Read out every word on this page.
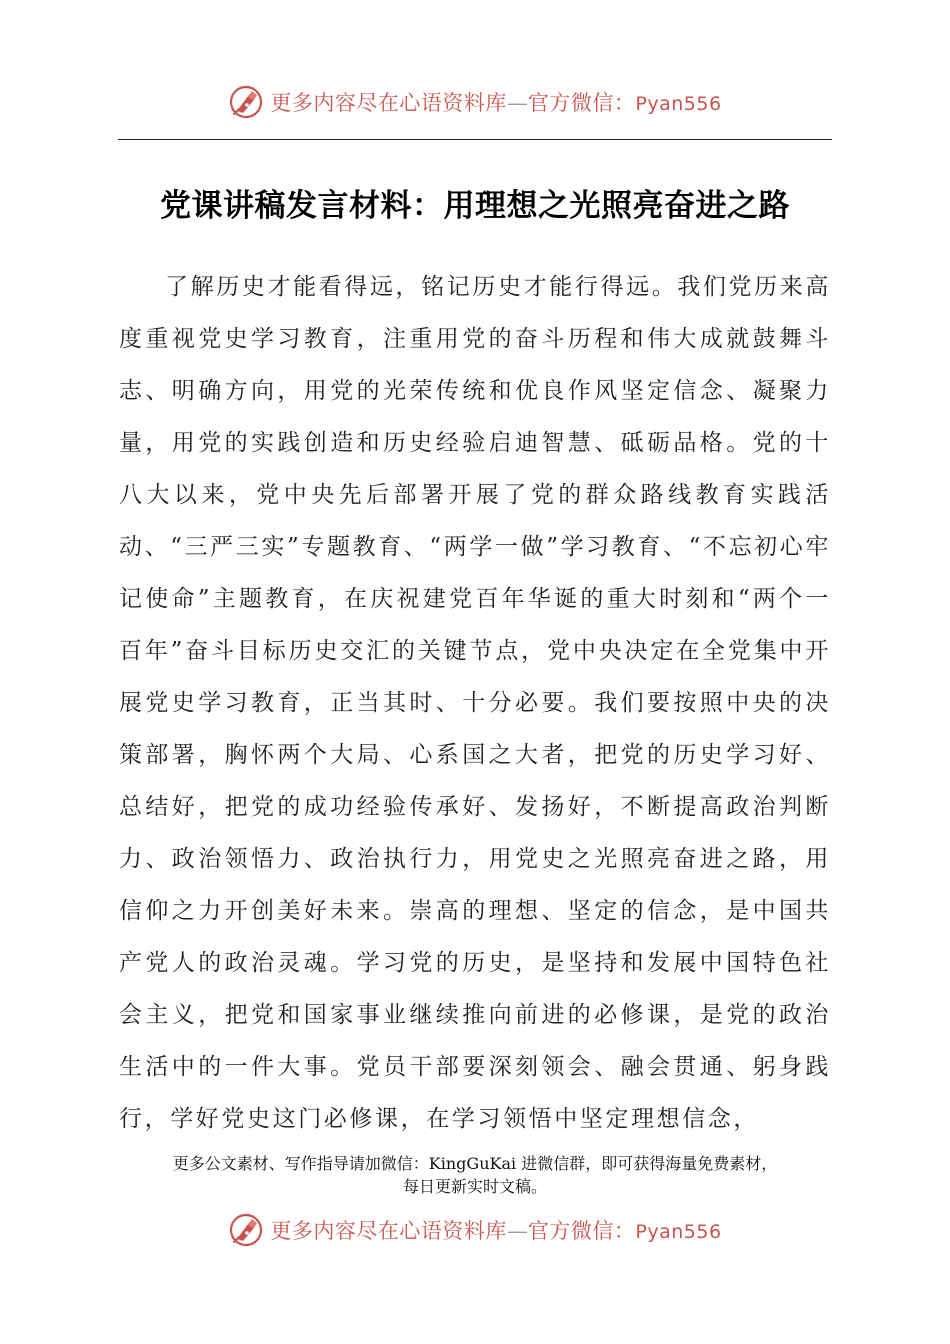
更多内容尽在心语资料库—官方微信：Pyan556
党课讲稿发言材料：用理想之光照亮奋进之路

了解历史才能看得远，铭记历史才能行得远。我们党历来高度重视党史学习教育，注重用党的奋斗历程和伟大成就鼓舞斗志、明确方向，用党的光荣传统和优良作风坚定信念、凝聚力量，用党的实践创造和历史经验启迪智慧、砥砺品格。党的十八大以来，党中央先后部署开展了党的群众路线教育实践活动、“三严三实”专题教育、“两学一做”学习教育、“不忘初心牢记使命”主题教育，在庆祝建党百年华诞的重大时刻和“两个一百年”奋斗目标历史交汇的关键节点，党中央决定在全党集中开展党史学习教育，正当其时、十分必要。我们要按照中央的决策部署，胸怀两个大局、心系国之大者，把党的历史学习好、总结好，把党的成功经验传承好、发扬好，不断提高政治判断力、政治领悟力、政治执行力，用党史之光照亮奋进之路，用信仰之力开创美好未来。崇高的理想、坚定的信念，是中国共产党人的政治灵魂。学习党的历史，是坚持和发展中国特色社会主义，把党和国家事业继续推向前进的必修课，是党的政治生活中的一件大事。党员干部要深刻领会、融会贯通、躬身践行，学好党史这门必修课，在学习领悟中坚定理想信念，

更多公文素材、写作指导请加微信：KingGuKai 进微信群，即可获得海量免费素材，
每日更新实时文稿。
更多内容尽在心语资料库—官方微信：Pyan556
